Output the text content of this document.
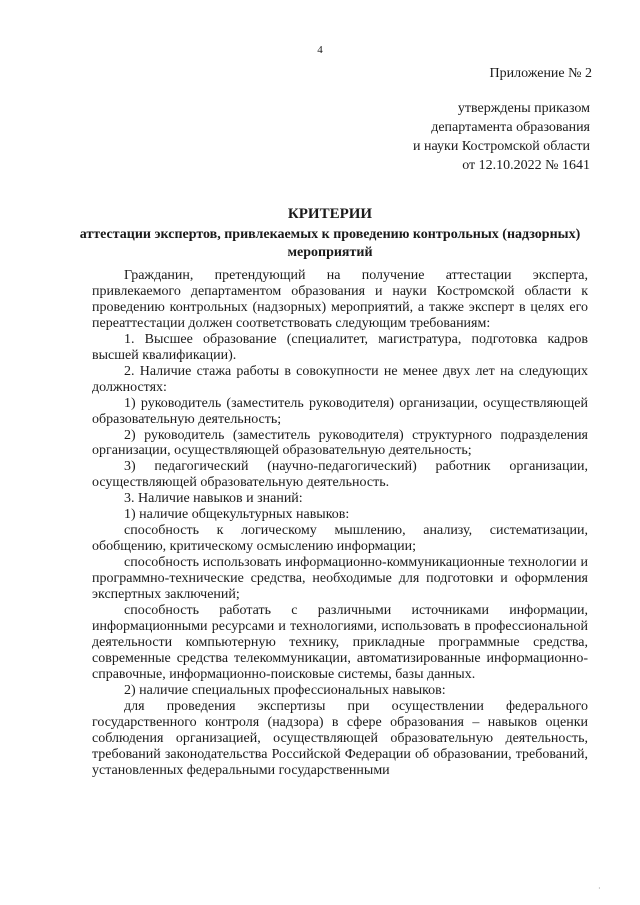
4
Приложение № 2
утверждены приказом
департамента образования
и науки Костромской области
от 12.10.2022 № 1641
КРИТЕРИИ
аттестации экспертов, привлекаемых к проведению контрольных (надзорных) мероприятий

Гражданин, претендующий на получение аттестации эксперта, привлекаемого департаментом образования и науки Костромской области к проведению контрольных (надзорных) мероприятий, а также эксперт в целях его переаттестации должен соответствовать следующим требованиям:

1. Высшее образование (специалитет, магистратура, подготовка кадров высшей квалификации).

2. Наличие стажа работы в совокупности не менее двух лет на следующих должностях:

1) руководитель (заместитель руководителя) организации, осуществляющей образовательную деятельность;

2) руководитель (заместитель руководителя) структурного подразделения организации, осуществляющей образовательную деятельность;

3) педагогический (научно-педагогический) работник организации, осуществляющей образовательную деятельность.

3. Наличие навыков и знаний:

1) наличие общекультурных навыков:

способность к логическому мышлению, анализу, систематизации, обобщению, критическому осмыслению информации;

способность использовать информационно-коммуникационные технологии и программно-технические средства, необходимые для подготовки и оформления экспертных заключений;

способность работать с различными источниками информации, информационными ресурсами и технологиями, использовать в профессиональной деятельности компьютерную технику, прикладные программные средства, современные средства телекоммуникации, автоматизированные информационно-справочные, информационно-поисковые системы, базы данных.

2) наличие специальных профессиональных навыков:

для проведения экспертизы при осуществлении федерального государственного контроля (надзора) в сфере образования – навыков оценки соблюдения организацией, осуществляющей образовательную деятельность, требований законодательства Российской Федерации об образовании, требований, установленных федеральными государственными

·
